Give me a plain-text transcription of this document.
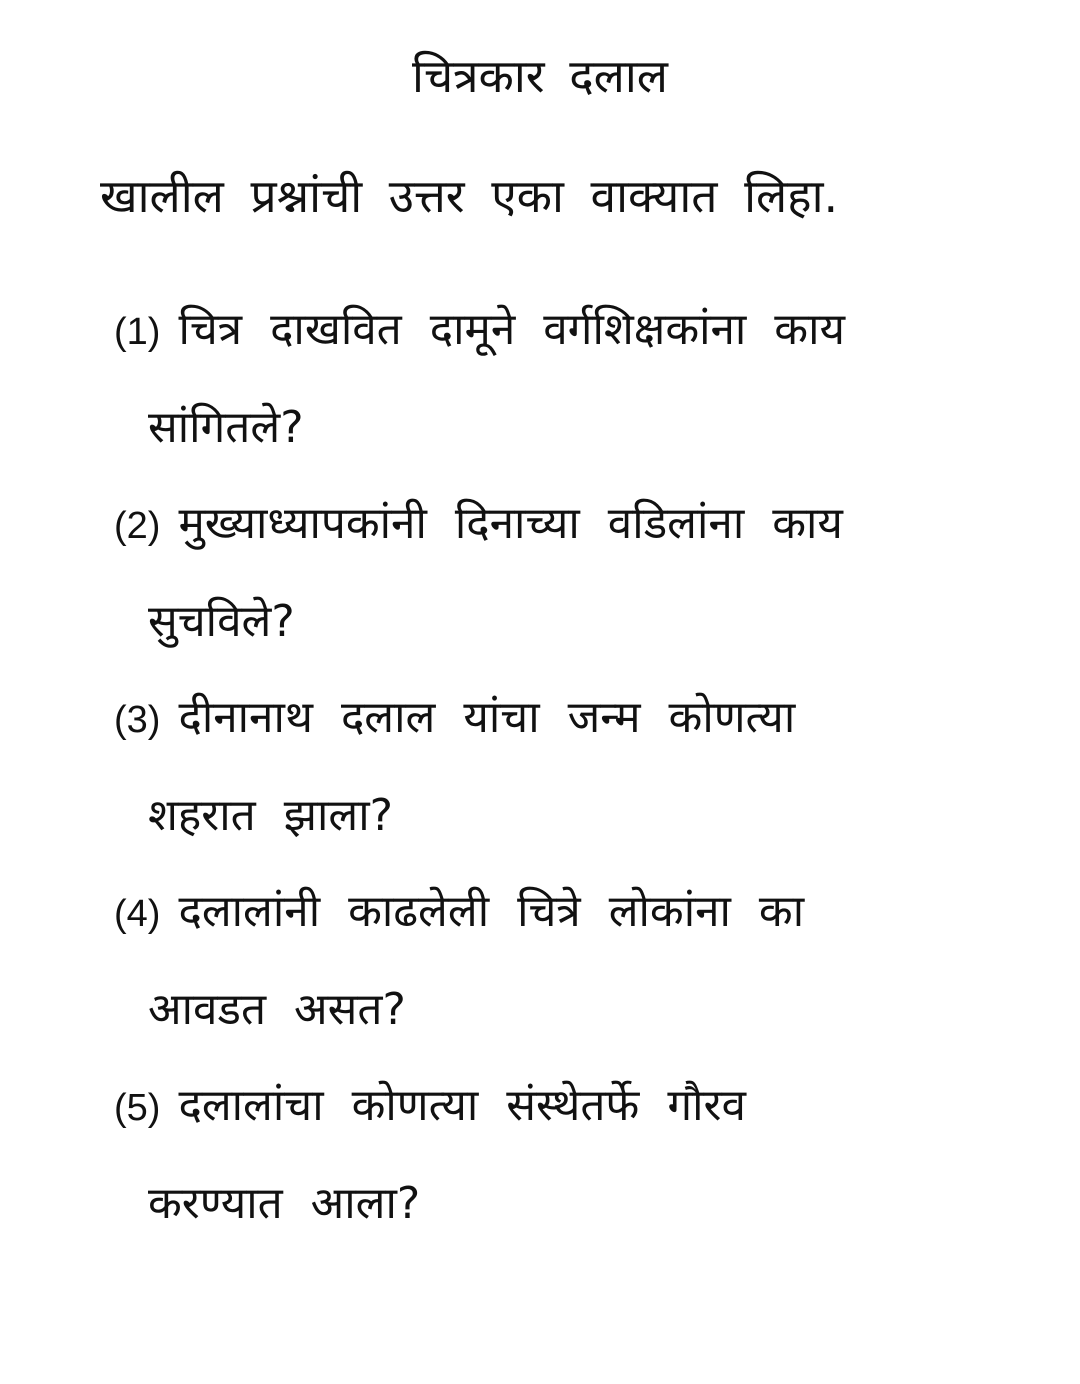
चित्रकार दलाल
खालील प्रश्नांची उत्तर एका वाक्यात लिहा.
(1) चित्र दाखवित दामूने वर्गशिक्षकांना काय
सांगितले?
(2) मुख्याध्यापकांनी दिनाच्या वडिलांना काय
सुचविले?
(3) दीनानाथ दलाल यांचा जन्म कोणत्या
शहरात झाला?
(4) दलालांनी काढलेली चित्रे लोकांना का
आवडत असत?
(5) दलालांचा कोणत्या संस्थेतर्फे गौरव
करण्यात आला?
